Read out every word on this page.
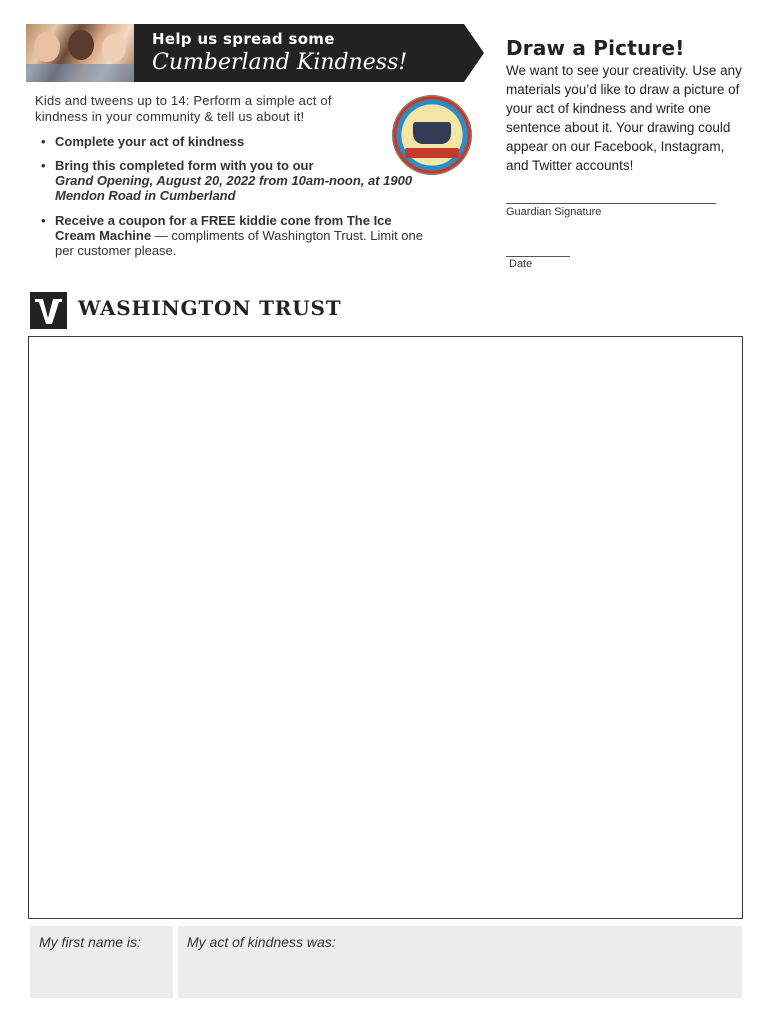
Help us spread some
Cumberland Kindness!
Kids and tweens up to 14: Perform a simple act of kindness in your community & tell us about it!
• Complete your act of kindness
• Bring this completed form with you to our
Grand Opening, August 20, 2022 from 10am-noon, at 1900 Mendon Road in Cumberland
• Receive a coupon for a FREE kiddie cone from The Ice Cream Machine — compliments of Washington Trust. Limit one per customer please.
Draw a Picture!
We want to see your creativity. Use any materials you’d like to draw a picture of your act of kindness and write one sentence about it. Your drawing could appear on our Facebook, Instagram, and Twitter accounts!
Guardian Signature
Date
WASHINGTON TRUST
My first name is:	My act of kindness was:
